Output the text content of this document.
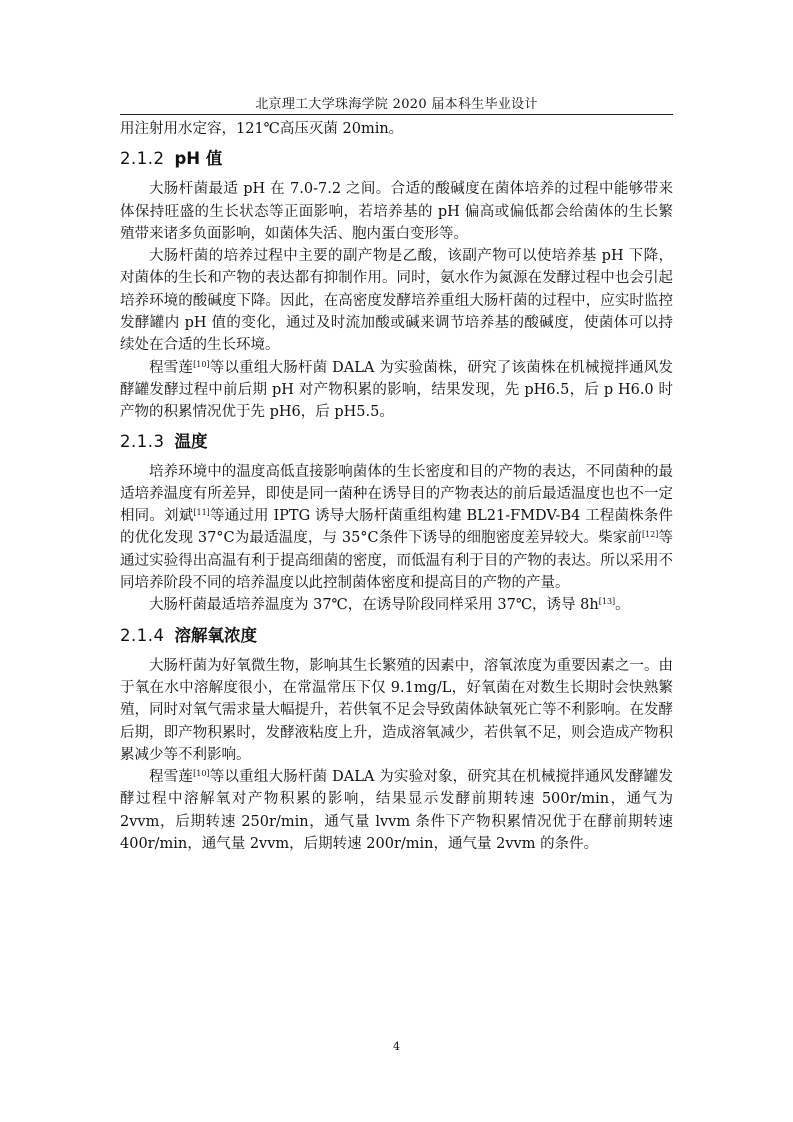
北京理工大学珠海学院 2020 届本科生毕业设计

用注射用水定容，121℃高压灭菌 20min。

2.1.2 pH 值

大肠杆菌最适 pH 在 7.0-7.2 之间。合适的酸碱度在菌体培养的过程中能够带来体保持旺盛的生长状态等正面影响，若培养基的 pH 偏高或偏低都会给菌体的生长繁殖带来诸多负面影响，如菌体失活、胞内蛋白变形等。

大肠杆菌的培养过程中主要的副产物是乙酸，该副产物可以使培养基 pH 下降，对菌体的生长和产物的表达都有抑制作用。同时，氨水作为氮源在发酵过程中也会引起培养环境的酸碱度下降。因此，在高密度发酵培养重组大肠杆菌的过程中，应实时监控发酵罐内 pH 值的变化，通过及时流加酸或碱来调节培养基的酸碱度，使菌体可以持续处在合适的生长环境。

程雪莲[10]等以重组大肠杆菌 DALA 为实验菌株，研究了该菌株在机械搅拌通风发酵罐发酵过程中前后期 pH 对产物积累的影响，结果发现，先 pH6.5，后 p H6.0 时产物的积累情况优于先 pH6，后 pH5.5。

2.1.3 温度

培养环境中的温度高低直接影响菌体的生长密度和目的产物的表达，不同菌种的最适培养温度有所差异，即使是同一菌种在诱导目的产物表达的前后最适温度也也不一定相同。刘斌[11]等通过用 IPTG 诱导大肠杆菌重组构建 BL21-FMDV-B4 工程菌株条件的优化发现 37°C为最适温度，与 35°C条件下诱导的细胞密度差异较大。柴家前[12]等通过实验得出高温有利于提高细菌的密度，而低温有利于目的产物的表达。所以采用不同培养阶段不同的培养温度以此控制菌体密度和提高目的产物的产量。

大肠杆菌最适培养温度为 37℃，在诱导阶段同样采用 37℃，诱导 8h[13]。

2.1.4 溶解氧浓度

大肠杆菌为好氧微生物，影响其生长繁殖的因素中，溶氧浓度为重要因素之一。由于氧在水中溶解度很小，在常温常压下仅 9.1mg/L，好氧菌在对数生长期时会快熟繁殖，同时对氧气需求量大幅提升，若供氧不足会导致菌体缺氧死亡等不利影响。在发酵后期，即产物积累时，发酵液粘度上升，造成溶氧减少，若供氧不足，则会造成产物积累减少等不利影响。

程雪莲[10]等以重组大肠杆菌 DALA 为实验对象，研究其在机械搅拌通风发酵罐发酵过程中溶解氧对产物积累的影响，结果显示发酵前期转速 500r/min，通气为 2vvm，后期转速 250r/min，通气量 lvvm 条件下产物积累情况优于在酵前期转速 400r/min，通气量 2vvm，后期转速 200r/min，通气量 2vvm 的条件。

4
